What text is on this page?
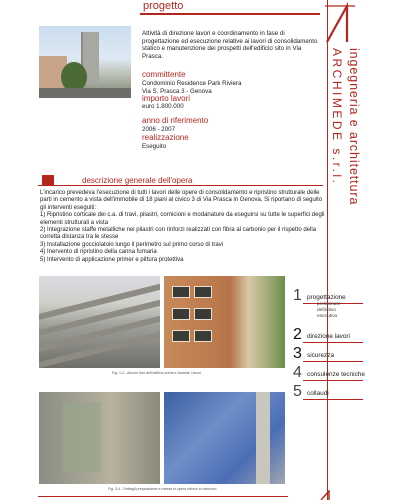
progetto
ARCHIMEDE s.r.l. ingegneria e architettura
Attività di direzione lavori e coordinamento in fase di progettazione ed esecuzione relative ai lavori di consolidamento statico e manutenzione dei prospetti dell'edificio sito in Via Prasca.
committente
Condominio Residence Park Riviera
Via S. Prasca 3 - Genova
importo lavori
euro 1.800.000
anno di riferimento
2006 - 2007
realizzazione
Eseguito
descrizione generale dell'opera

L'incarico prevedeva l'esecuzione di tutti i lavori delle opere di consolidamento e ripristino strutturale delle parti in cemento a vista dell'immobile di 18 piani al civico 3 di Via Prasca in Genova. Si riportano di seguito gli interventi eseguiti:

1) Ripristino corticale dei c.a. di travi, pilastri, cornicioni e modanature da eseguirsi su tutte le superfici degli elementi strutturali a vista

2) Integrazione staffe metalliche nei pilastri con rinforzi realizzati con fibra al carbonio per il rispetto della corretta distanza tra le stesse

3) Installazione gocciolatoio lungo il perimetro sul primo corso di travi

4) Inervento di ripristino della canna fumaria

5) Intervento di applicazione primer e pittura protettiva

Fig. 1-2 - Alcune foto dell'edificio prima e durante i lavori
Fig. 3-4 - Dettagli preparazione e messa in opera rinforzi in carbonio
1 progettazione
preliminare
definitivo
esecutivo
2 direzione lavori
3 sicurezza
4 consulenze tecniche
5 collaudi
